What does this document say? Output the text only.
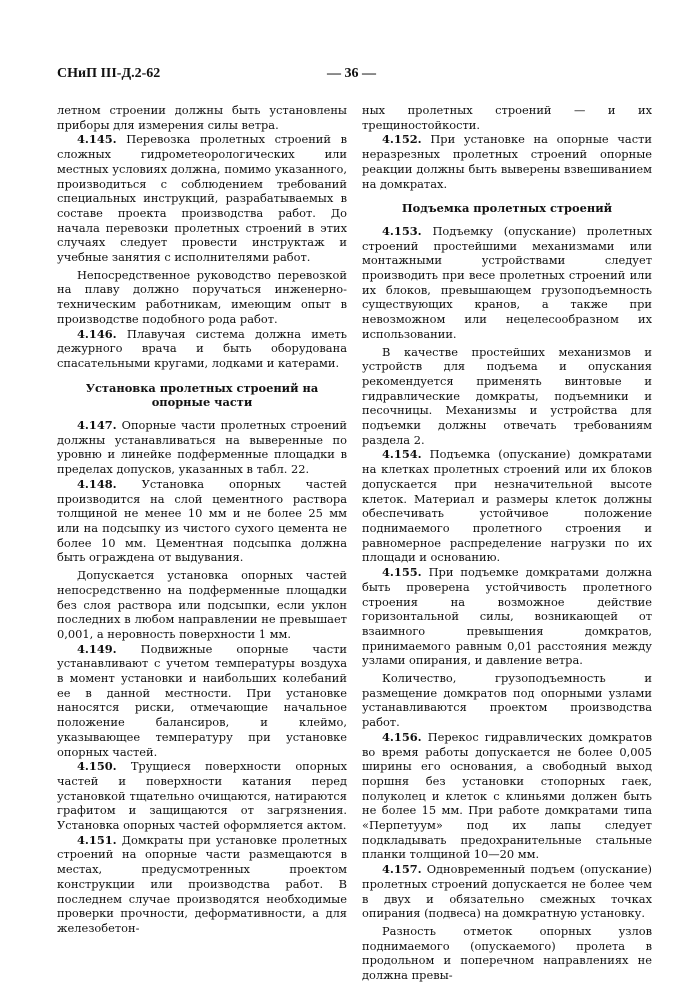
СНиП III-Д.2-62	— 36 —

летном строении должны быть установлены приборы для измерения силы ветра.

4.145. Перевозка пролетных строений в сложных гидрометеорологических или местных условиях должна, помимо указанного, производиться с соблюдением требований специальных инструкций, разрабатываемых в составе проекта производства работ. До начала перевозки пролетных строений в этих случаях следует провести инструктаж и учебные занятия с исполнителями работ.

Непосредственное руководство перевозкой на плаву должно поручаться инженерно-техническим работникам, имеющим опыт в производстве подобного рода работ.

4.146. Плавучая система должна иметь дежурного врача и быть оборудована спасательными кругами, лодками и катерами.

Установка пролетных строений на опорные части

4.147. Опорные части пролетных строений должны устанавливаться на выверенные по уровню и линейке подферменные площадки в пределах допусков, указанных в табл. 22.

4.148. Установка опорных частей производится на слой цементного раствора толщиной не менее 10 мм и не более 25 мм или на подсыпку из чистого сухого цемента не более 10 мм. Цементная подсыпка должна быть ограждена от выдувания.

Допускается установка опорных частей непосредственно на подферменные площадки без слоя раствора или подсыпки, если уклон последних в любом направлении не превышает 0,001, а неровность поверхности 1 мм.

4.149. Подвижные опорные части устанавливают с учетом температуры воздуха в момент установки и наибольших колебаний ее в данной местности. При установке наносятся риски, отмечающие начальное положение балансиров, и клеймо, указывающее температуру при установке опорных частей.

4.150. Трущиеся поверхности опорных частей и поверхности катания перед установкой тщательно очищаются, натираются графитом и защищаются от загрязнения. Установка опорных частей оформляется актом.

4.151. Домкраты при установке пролетных строений на опорные части размещаются в местах, предусмотренных проектом конструкции или производства работ. В последнем случае производятся необходимые проверки прочности, деформативности, а для железобетон-

ных пролетных строений — и их трещиностойкости.

4.152. При установке на опорные части неразрезных пролетных строений опорные реакции должны быть выверены взвешиванием на домкратах.

Подъемка пролетных строений

4.153. Подъемку (опускание) пролетных строений простейшими механизмами или монтажными устройствами следует производить при весе пролетных строений или их блоков, превышающем грузоподъемность существующих кранов, а также при невозможном или нецелесообразном их использовании.

В качестве простейших механизмов и устройств для подъема и опускания рекомендуется применять винтовые и гидравлические домкраты, подъемники и песочницы. Механизмы и устройства для подъемки должны отвечать требованиям раздела 2.

4.154. Подъемка (опускание) домкратами на клетках пролетных строений или их блоков допускается при незначительной высоте клеток. Материал и размеры клеток должны обеспечивать устойчивое положение поднимаемого пролетного строения и равномерное распределение нагрузки по их площади и основанию.

4.155. При подъемке домкратами должна быть проверена устойчивость пролетного строения на возможное действие горизонтальной силы, возникающей от взаимного превышения домкратов, принимаемого равным 0,01 расстояния между узлами опирания, и давление ветра.

Количество, грузоподъемность и размещение домкратов под опорными узлами устанавливаются проектом производства работ.

4.156. Перекос гидравлических домкратов во время работы допускается не более 0,005 ширины его основания, а свободный выход поршня без установки стопорных гаек, полуколец и клеток с клиньями должен быть не более 15 мм. При работе домкратами типа «Перпетуум» под их лапы следует подкладывать предохранительные стальные планки толщиной 10—20 мм.

4.157. Одновременный подъем (опускание) пролетных строений допускается не более чем в двух и обязательно смежных точках опирания (подвеса) на домкратную установку.

Разность отметок опорных узлов поднимаемого (опускаемого) пролета в продольном и поперечном направлениях не должна превы-
